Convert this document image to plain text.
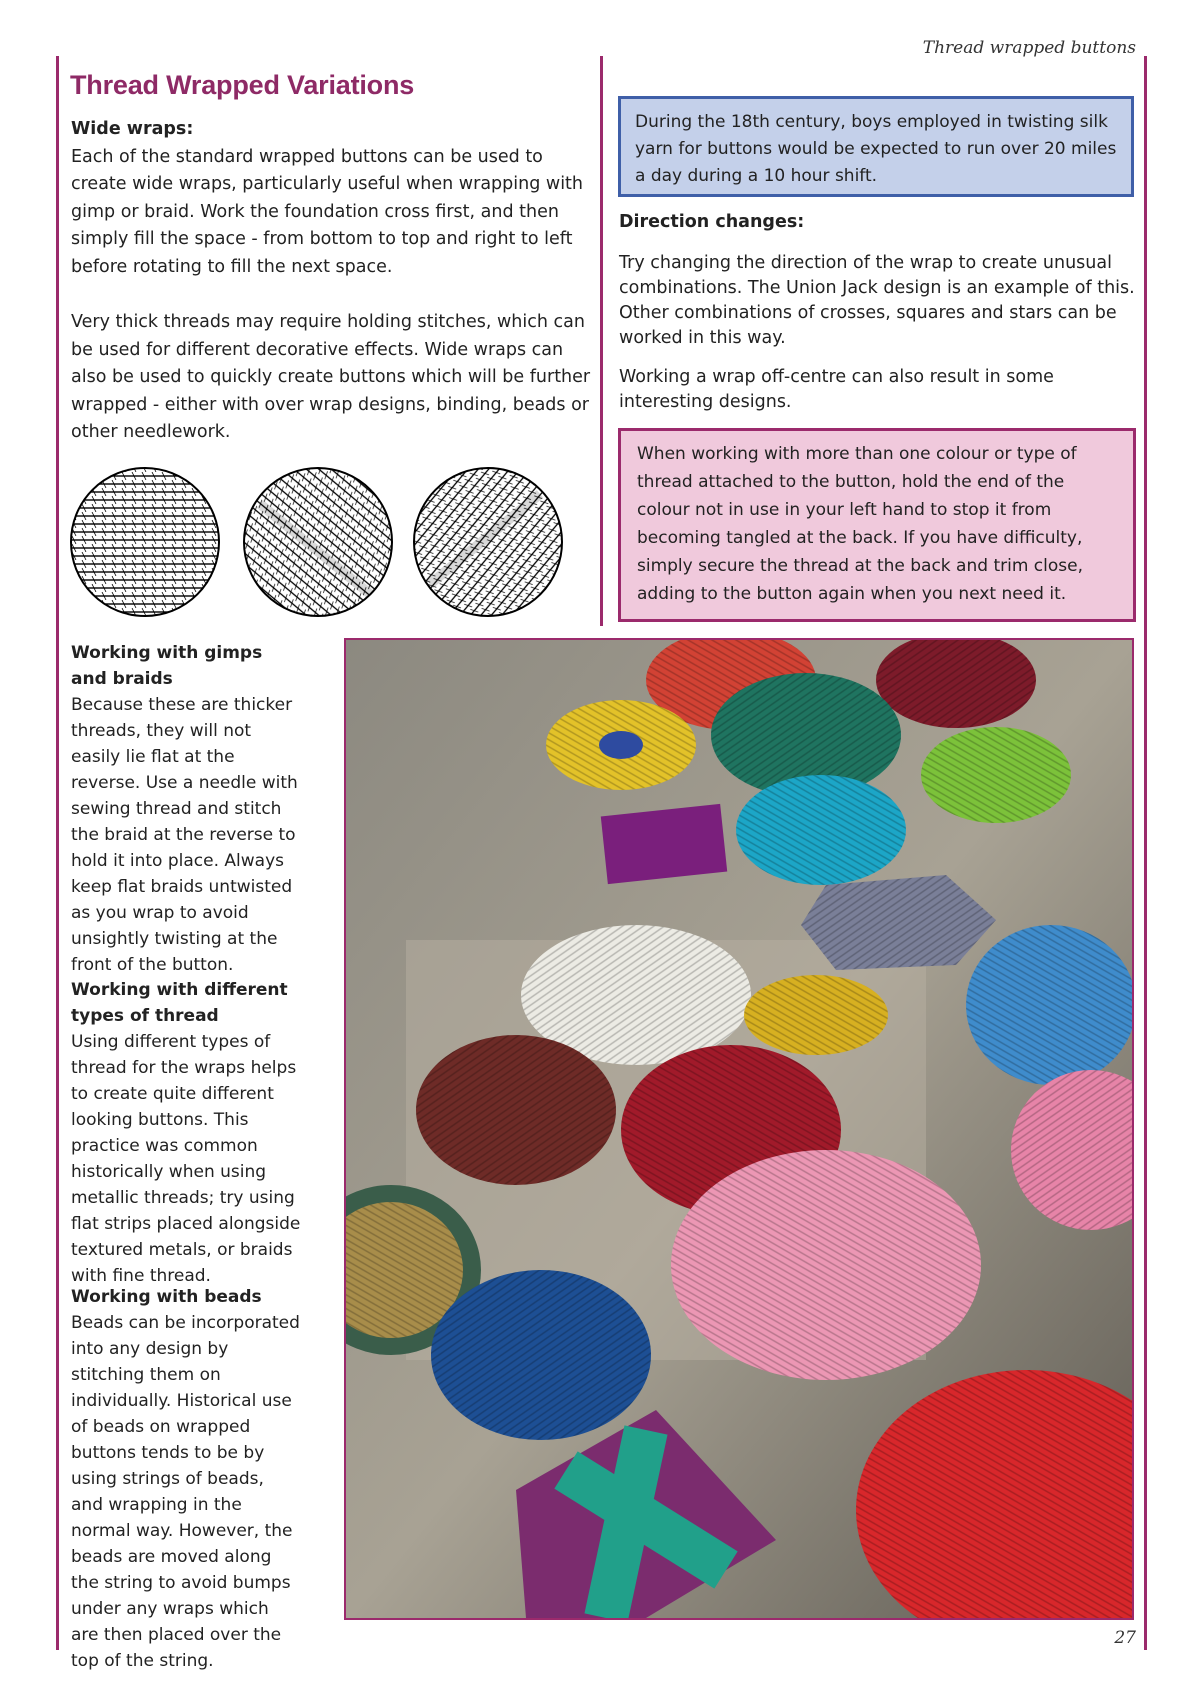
Thread wrapped buttons
Thread Wrapped Variations
Wide wraps:
Each of the standard wrapped buttons can be used to create wide wraps, particularly useful when wrapping with gimp or braid. Work the foundation cross first, and then simply fill the space - from bottom to top and right to left before rotating to fill the next space.
Very thick threads may require holding stitches, which can be used for different decorative effects. Wide wraps can also be used to quickly create buttons which will be further wrapped - either with over wrap designs, binding, beads or other needlework.
During the 18th century, boys employed in twisting silk yarn for buttons would be expected to run over 20 miles a day during a 10 hour shift.
Direction changes:
Try changing the direction of the wrap to create unusual combinations. The Union Jack design is an example of this. Other combinations of crosses, squares and stars can be worked in this way.
Working a wrap off-centre can also result in some interesting designs.
When working with more than one colour or type of thread attached to the button, hold the end of the colour not in use in your left hand to stop it from becoming tangled at the back. If you have difficulty, simply secure the thread at the back and trim close, adding to the button again when you next need it.
Working with gimps and braids
Because these are thicker threads, they will not easily lie flat at the reverse. Use a needle with sewing thread and stitch the braid at the reverse to hold it into place. Always keep flat braids untwisted as you wrap to avoid unsightly twisting at the front of the button.
Working with different types of thread
Using different types of thread for the wraps helps to create quite different looking buttons. This practice was common historically when using metallic threads; try using flat strips placed alongside textured metals, or braids with fine thread.
Working with beads
Beads can be incorporated into any design by stitching them on individually. Historical use of beads on wrapped buttons tends to be by using strings of beads, and wrapping in the normal way. However, the beads are moved along the string to avoid bumps under any wraps which are then placed over the top of the string.
27
